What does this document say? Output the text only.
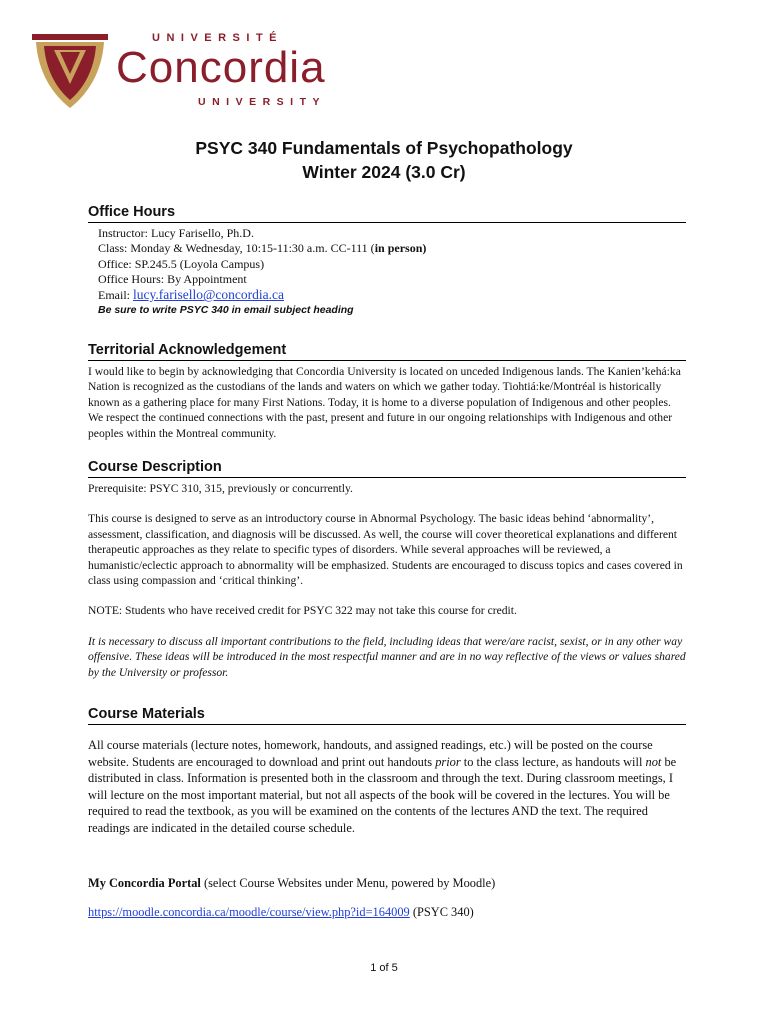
UNIVERSITÉ
Concordia
UNIVERSITY
PSYC 340 Fundamentals of Psychopathology
Winter 2024 (3.0 Cr)
Office Hours
Instructor: Lucy Farisello, Ph.D.
Class: Monday & Wednesday, 10:15-11:30 a.m. CC-111 (in person)
Office: SP.245.5 (Loyola Campus)
Office Hours: By Appointment
Email: lucy.farisello@concordia.ca
Be sure to write PSYC 340 in email subject heading
Territorial Acknowledgement

I would like to begin by acknowledging that Concordia University is located on unceded Indigenous lands. The Kanien’kehá:ka Nation is recognized as the custodians of the lands and waters on which we gather today. Tiohtiá:ke/Montréal is historically known as a gathering place for many First Nations. Today, it is home to a diverse population of Indigenous and other peoples. We respect the continued connections with the past, present and future in our ongoing relationships with Indigenous and other peoples within the Montreal community.

Course Description

Prerequisite: PSYC 310, 315, previously or concurrently.

This course is designed to serve as an introductory course in Abnormal Psychology. The basic ideas behind ‘abnormality’, assessment, classification, and diagnosis will be discussed. As well, the course will cover theoretical explanations and different therapeutic approaches as they relate to specific types of disorders. While several approaches will be reviewed, a humanistic/eclectic approach to abnormality will be emphasized. Students are encouraged to discuss topics and cases covered in class using compassion and ‘critical thinking’.

NOTE: Students who have received credit for PSYC 322 may not take this course for credit.

It is necessary to discuss all important contributions to the field, including ideas that were/are racist, sexist, or in any other way offensive. These ideas will be introduced in the most respectful manner and are in no way reflective of the views or values shared by the University or professor.

Course Materials

All course materials (lecture notes, homework, handouts, and assigned readings, etc.) will be posted on the course website. Students are encouraged to download and print out handouts prior to the class lecture, as handouts will not be distributed in class. Information is presented both in the classroom and through the text. During classroom meetings, I will lecture on the most important material, but not all aspects of the book will be covered in the lectures. You will be required to read the textbook, as you will be examined on the contents of the lectures AND the text. The required readings are indicated in the detailed course schedule.

My Concordia Portal (select Course Websites under Menu, powered by Moodle)

https://moodle.concordia.ca/moodle/course/view.php?id=164009 (PSYC 340)

1 of 5
